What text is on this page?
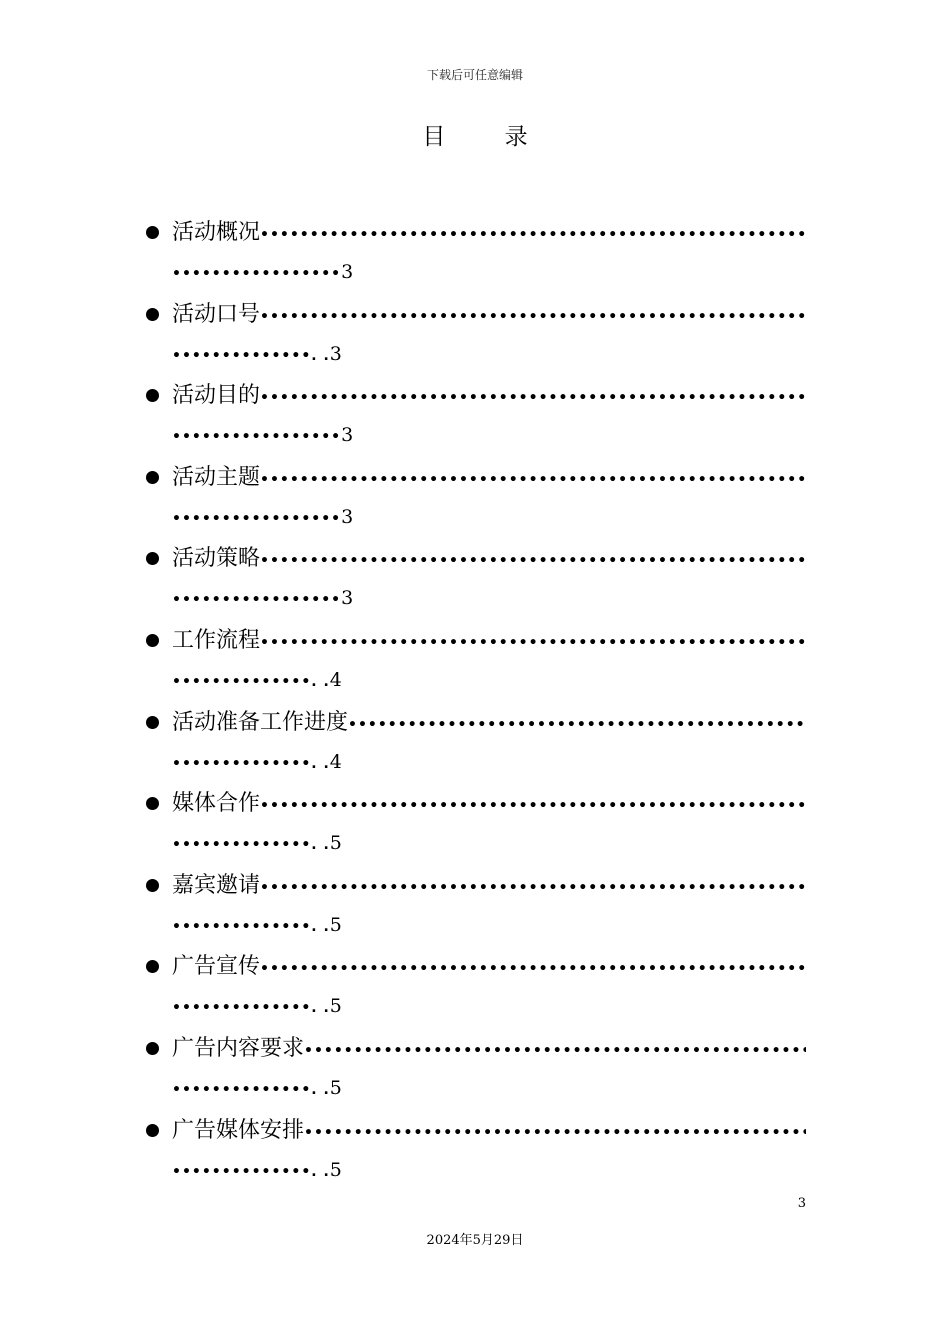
下载后可任意编辑
目 录
活动概况
•••••
•••••••••••••••••3
活动口号
•••••
••••••••••••••. .3
活动目的
•••••
•••••••••••••••••3
活动主题
•••••
•••••••••••••••••3
活动策略
•••••
•••••••••••••••••3
工作流程
•••••
••••••••••••••. .4
活动准备工作进度
•••••
••••••••••••••. .4
媒体合作
•••••
••••••••••••••. .5
嘉宾邀请
•••••
••••••••••••••. .5
广告宣传
•••••
••••••••••••••. .5
广告内容要求
•••••
••••••••••••••. .5
广告媒体安排
•••••
••••••••••••••. .5
3
2024年5月29日
